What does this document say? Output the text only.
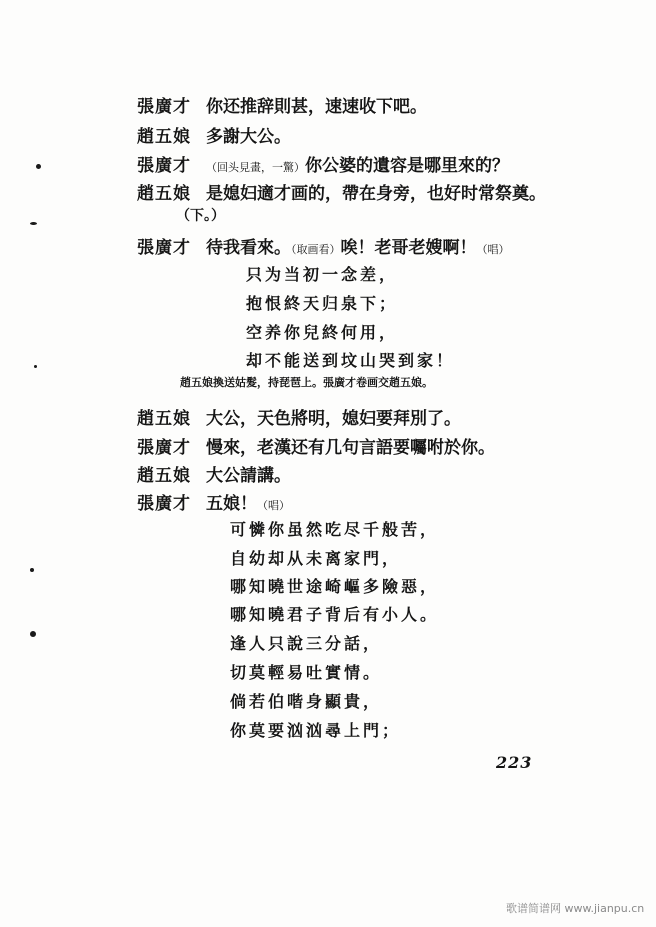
張廣才 你还推辞則甚，速速收下吧。
趙五娘 多謝大公。
張廣才 （回头見畫，一驚）你公婆的遺容是哪里來的？
趙五娘 是媳妇適才画的，帶在身旁，也好时常祭奠。
（下。）
張廣才 待我看來。（取画看）唉！老哥老嫂啊！（唱）
只为当初一念差，
抱恨終天归泉下；
空养你兒終何用，
却不能送到坟山哭到家！
趙五娘換送姑髮，持琵琶上。張廣才卷画交趙五娘。
趙五娘 大公，天色將明，媳妇要拜別了。
張廣才 慢來，老漢还有几句言語要囑咐於你。
趙五娘 大公請講。
張廣才 五娘！（唱）
可憐你虽然吃尽千般苦，
自幼却从未离家門，
哪知曉世途崎嶇多險惡，
哪知曉君子背后有小人。
逢人只說三分話，
切莫輕易吐實情。
倘若伯喈身顯貴，
你莫要汹汹尋上門；
223
歌谱简谱网 www.jianpu.cn
